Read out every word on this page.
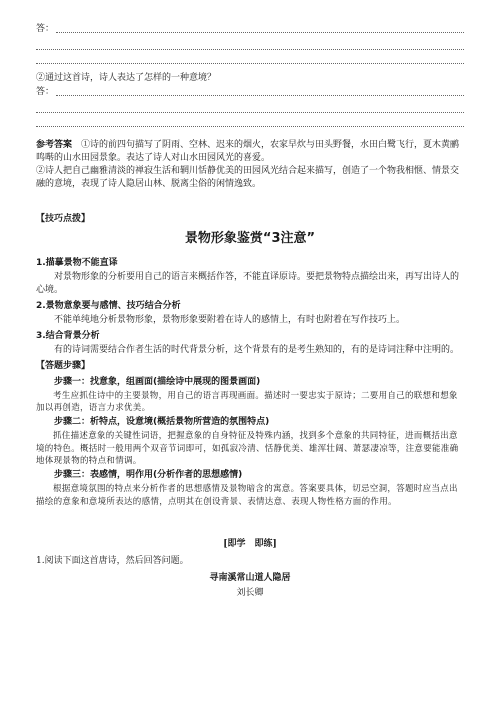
答：
②通过这首诗，诗人表达了怎样的一种意境？
答：

参考答案　 ①诗的前四句描写了阴雨、空林、迟来的烟火，农家早炊与田头野餐，水田白鹭飞行，夏木黄鹂鸣啭的山水田园景象。表达了诗人对山水田园风光的喜爱。

②诗人把自己幽雅清淡的禅寂生活和辋川恬静优美的田园风光结合起来描写，创造了一个物我相惬、情景交融的意境，表现了诗人隐居山林、脱离尘俗的闲情逸致。

【技巧点拨】
景物形象鉴赏“3注意”
1.描摹景物不能直译
对景物形象的分析要用自己的语言来概括作答，不能直译原诗。要把景物特点描绘出来，再写出诗人的心境。
2.景物意象要与感情、技巧结合分析
不能单纯地分析景物形象，景物形象要附着在诗人的感情上，有时也附着在写作技巧上。
3.结合背景分析
有的诗词需要结合作者生活的时代背景分析，这个背景有的是考生熟知的，有的是诗词注释中注明的。
【答题步骤】
步骤一：找意象，组画面(描绘诗中展现的图景画面)
考生应抓住诗中的主要景物，用自己的语言再现画面。描述时一要忠实于原诗；二要用自己的联想和想象加以再创造，语言力求优美。
步骤二：析特点，设意境(概括景物所营造的氛围特点)
抓住描述意象的关键性词语，把握意象的自身特征及特殊内涵，找到多个意象的共同特征，进而概括出意境的特色。概括时一般用两个双音节词即可，如孤寂冷清、恬静优美、雄浑壮阔、萧瑟凄凉等，注意要能准确地体现景物的特点和情调。
步骤三：表感情，明作用(分析作者的思想感情)
根据意境氛围的特点来分析作者的思想感情及景物暗含的寓意。答案要具体，切忌空洞，答题时应当点出描绘的意象和意境所表达的感情，点明其在创设背景、表情达意、表现人物性格方面的作用。
[即学　即练]
1.阅读下面这首唐诗，然后回答问题。
寻南溪常山道人隐居
刘长卿
